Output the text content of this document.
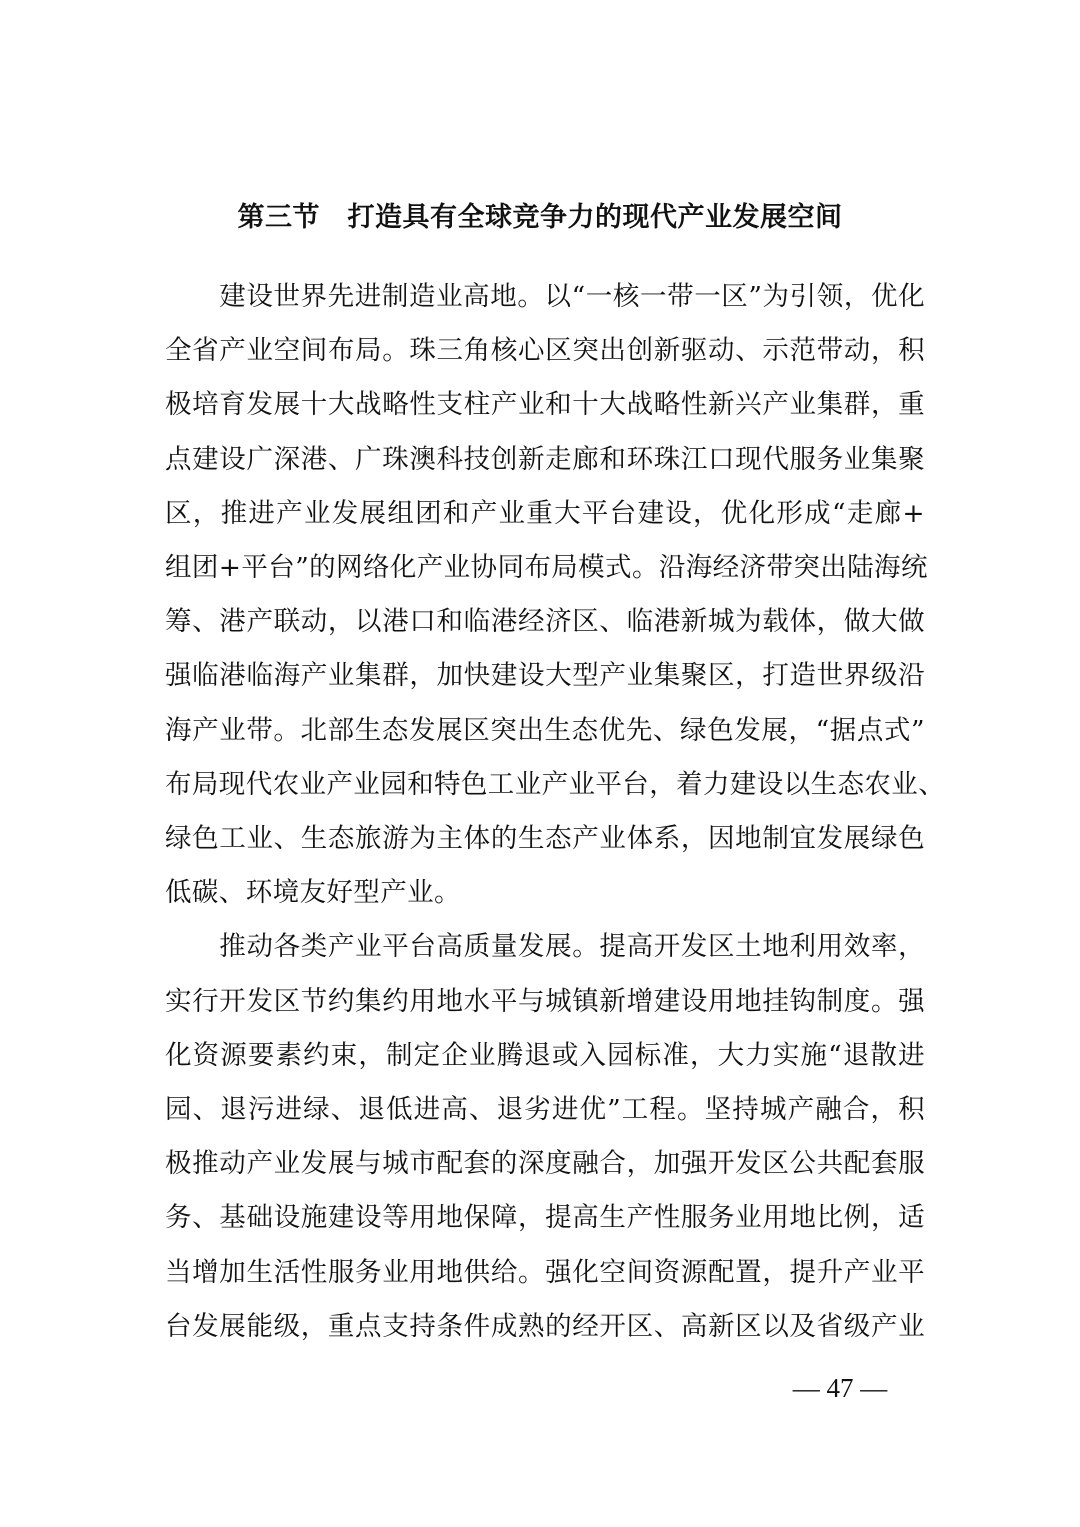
第三节　打造具有全球竞争力的现代产业发展空间
　　建设世界先进制造业高地。以“一核一带一区”为引领，优化
全省产业空间布局。珠三角核心区突出创新驱动、示范带动，积
极培育发展十大战略性支柱产业和十大战略性新兴产业集群，重
点建设广深港、广珠澳科技创新走廊和环珠江口现代服务业集聚
区，推进产业发展组团和产业重大平台建设，优化形成“走廊+
组团+平台”的网络化产业协同布局模式。沿海经济带突出陆海统
筹、港产联动，以港口和临港经济区、临港新城为载体，做大做
强临港临海产业集群，加快建设大型产业集聚区，打造世界级沿
海产业带。北部生态发展区突出生态优先、绿色发展，“据点式”
布局现代农业产业园和特色工业产业平台，着力建设以生态农业、
绿色工业、生态旅游为主体的生态产业体系，因地制宜发展绿色
低碳、环境友好型产业。
　　推动各类产业平台高质量发展。提高开发区土地利用效率，
实行开发区节约集约用地水平与城镇新增建设用地挂钩制度。强
化资源要素约束，制定企业腾退或入园标准，大力实施“退散进
园、退污进绿、退低进高、退劣进优”工程。坚持城产融合，积
极推动产业发展与城市配套的深度融合，加强开发区公共配套服
务、基础设施建设等用地保障，提高生产性服务业用地比例，适
当增加生活性服务业用地供给。强化空间资源配置，提升产业平
台发展能级，重点支持条件成熟的经开区、高新区以及省级产业
— 47 —
